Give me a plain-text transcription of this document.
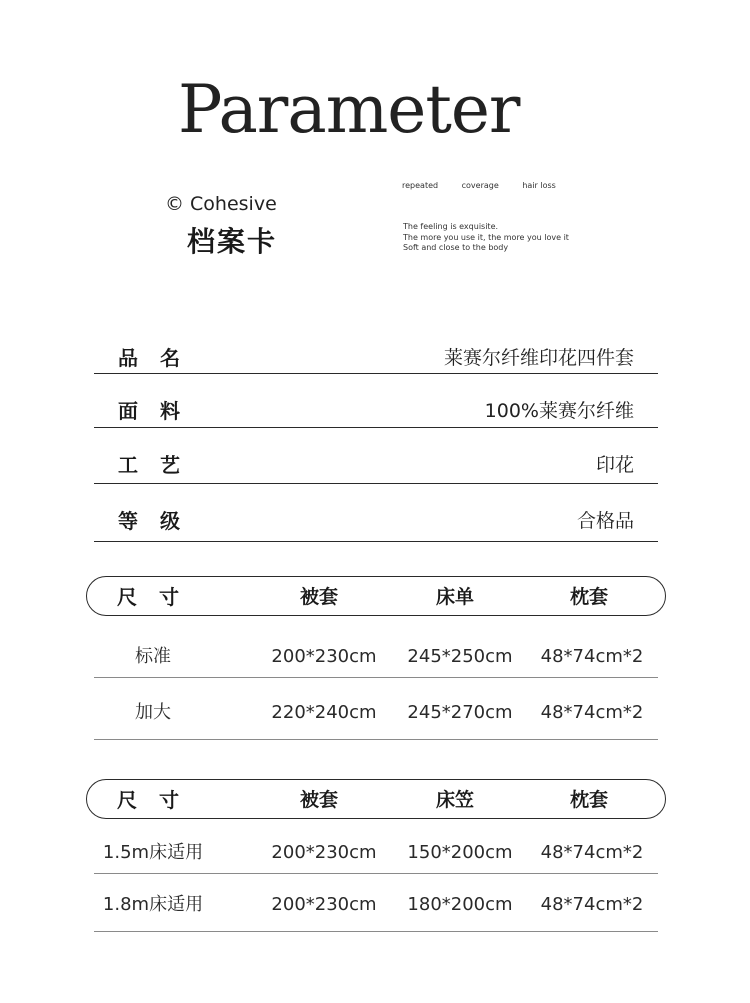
Parameter
© Cohesive
档案卡
repeated	coverage	hair loss
The feeling is exquisite.
The more you use it, the more you love it
Soft and close to the body
品名	莱赛尔纤维印花四件套
面料	100%莱赛尔纤维
工艺	印花
等级	合格品
尺寸	被套	床单	枕套
标准	200*230cm	245*250cm	48*74cm*2
加大	220*240cm	245*270cm	48*74cm*2
尺寸	被套	床笠	枕套
1.5m床适用	200*230cm	150*200cm	48*74cm*2
1.8m床适用	200*230cm	180*200cm	48*74cm*2
